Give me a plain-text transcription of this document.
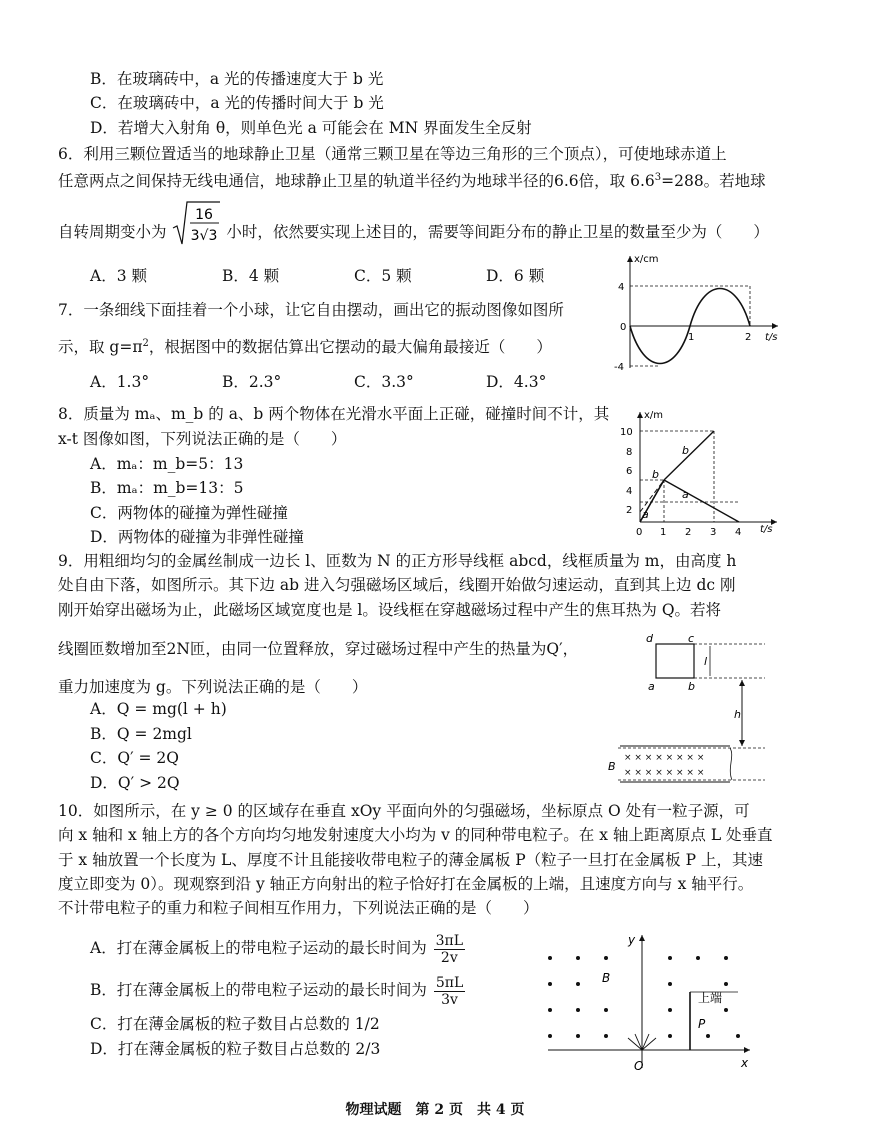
B．在玻璃砖中，a 光的传播速度大于 b 光
C．在玻璃砖中，a 光的传播时间大于 b 光
D．若增大入射角 θ，则单色光 a 可能会在 MN 界面发生全反射
6．利用三颗位置适当的地球静止卫星（通常三颗卫星在等边三角形的三个顶点），可使地球赤道上
任意两点之间保持无线电通信，地球静止卫星的轨道半径约为地球半径的6.6倍，取 $6.6^3=288$。若地球
自转周期变小为
16
3√3 小时，依然要实现上述目的，需要等间距分布的静止卫星的数量至少为（　　）
A．3 颗	B．4 颗	C．5 颗	D．6 颗
7．一条细线下面挂着一个小球，让它自由摆动，画出它的振动图像如图所
示，取 $g=\pi^2$，根据图中的数据估算出它摆动的最大偏角最接近（　　）
A．1.3°	B．2.3°	C．3.3°	D．4.3°
x/cm
t/s
4
0
-4
1	2
8．质量为 mₐ、m_b 的 a、b 两个物体在光滑水平面上正碰，碰撞时间不计，其
x-t 图像如图，下列说法正确的是（　　）
A．mₐ：m_b=5：13
B．mₐ：m_b=13：5
C．两物体的碰撞为弹性碰撞
D．两物体的碰撞为非弹性碰撞
x/m
t/s
10
8
6
4
2
0 1 2 3 4
b
b
a
a
9．用粗细均匀的金属丝制成一边长 l、匝数为 N 的正方形导线框 abcd，线框质量为 m，由高度 h
处自由下落，如图所示。其下边 ab 进入匀强磁场区域后，线圈开始做匀速运动，直到其上边 dc 刚
刚开始穿出磁场为止，此磁场区域宽度也是 l。设线框在穿越磁场过程中产生的焦耳热为 Q。若将
线圈匝数增加至2N匝，由同一位置释放，穿过磁场过程中产生的热量为Q′，
重力加速度为 g。下列说法正确的是（　　）
A．Q = mg(l + h)
B．Q = 2mgl
C．Q′ = 2Q
D．Q′ > 2Q
d	c
a	b
l
h
× × × × × × × ×
× × × × × × × ×
B
10．如图所示，在 y ≥ 0 的区域存在垂直 xOy 平面向外的匀强磁场，坐标原点 O 处有一粒子源，可
向 x 轴和 x 轴上方的各个方向均匀地发射速度大小均为 v 的同种带电粒子。在 x 轴上距离原点 L 处垂直
于 x 轴放置一个长度为 L、厚度不计且能接收带电粒子的薄金属板 P（粒子一旦打在金属板 P 上，其速
度立即变为 0）。现观察到沿 y 轴正方向射出的粒子恰好打在金属板的上端，且速度方向与 x 轴平行。
不计带电粒子的重力和粒子间相互作用力，下列说法正确的是（　　）
A．打在薄金属板上的带电粒子运动的最长时间为 $\frac{3\pi L}{2v}$
B．打在薄金属板上的带电粒子运动的最长时间为 $\frac{5\pi L}{3v}$
C．打在薄金属板的粒子数目占总数的 1/2
D．打在薄金属板的粒子数目占总数的 2/3
y
x
O
B
P
上端
物理试题　第 2 页　共 4 页
